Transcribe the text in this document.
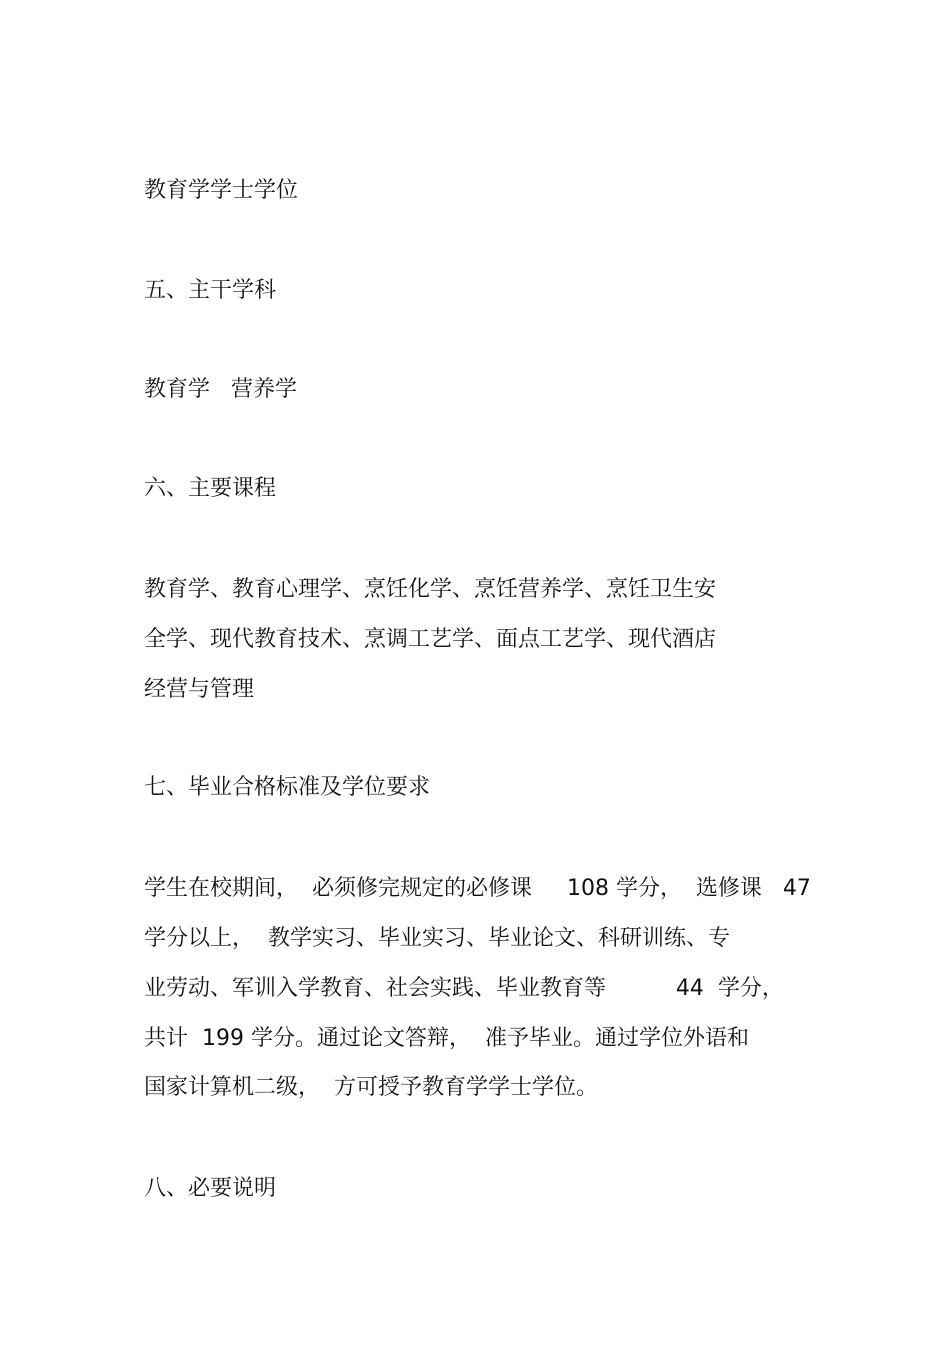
教育学学士学位

五、主干学科

教育学   营养学

六、主要课程

教育学、教育心理学、烹饪化学、烹饪营养学、烹饪卫生安

全学、现代教育技术、烹调工艺学、面点工艺学、现代酒店

经营与管理

七、毕业合格标准及学位要求

学生在校期间，  必须修完规定的必修课     108 学分，  选修课   47

学分以上，  教学实习、毕业实习、毕业论文、科研训练、专

业劳动、军训入学教育、社会实践、毕业教育等          44  学分，

共计  199 学分。通过论文答辩，  准予毕业。通过学位外语和

国家计算机二级，  方可授予教育学学士学位。

八、必要说明
